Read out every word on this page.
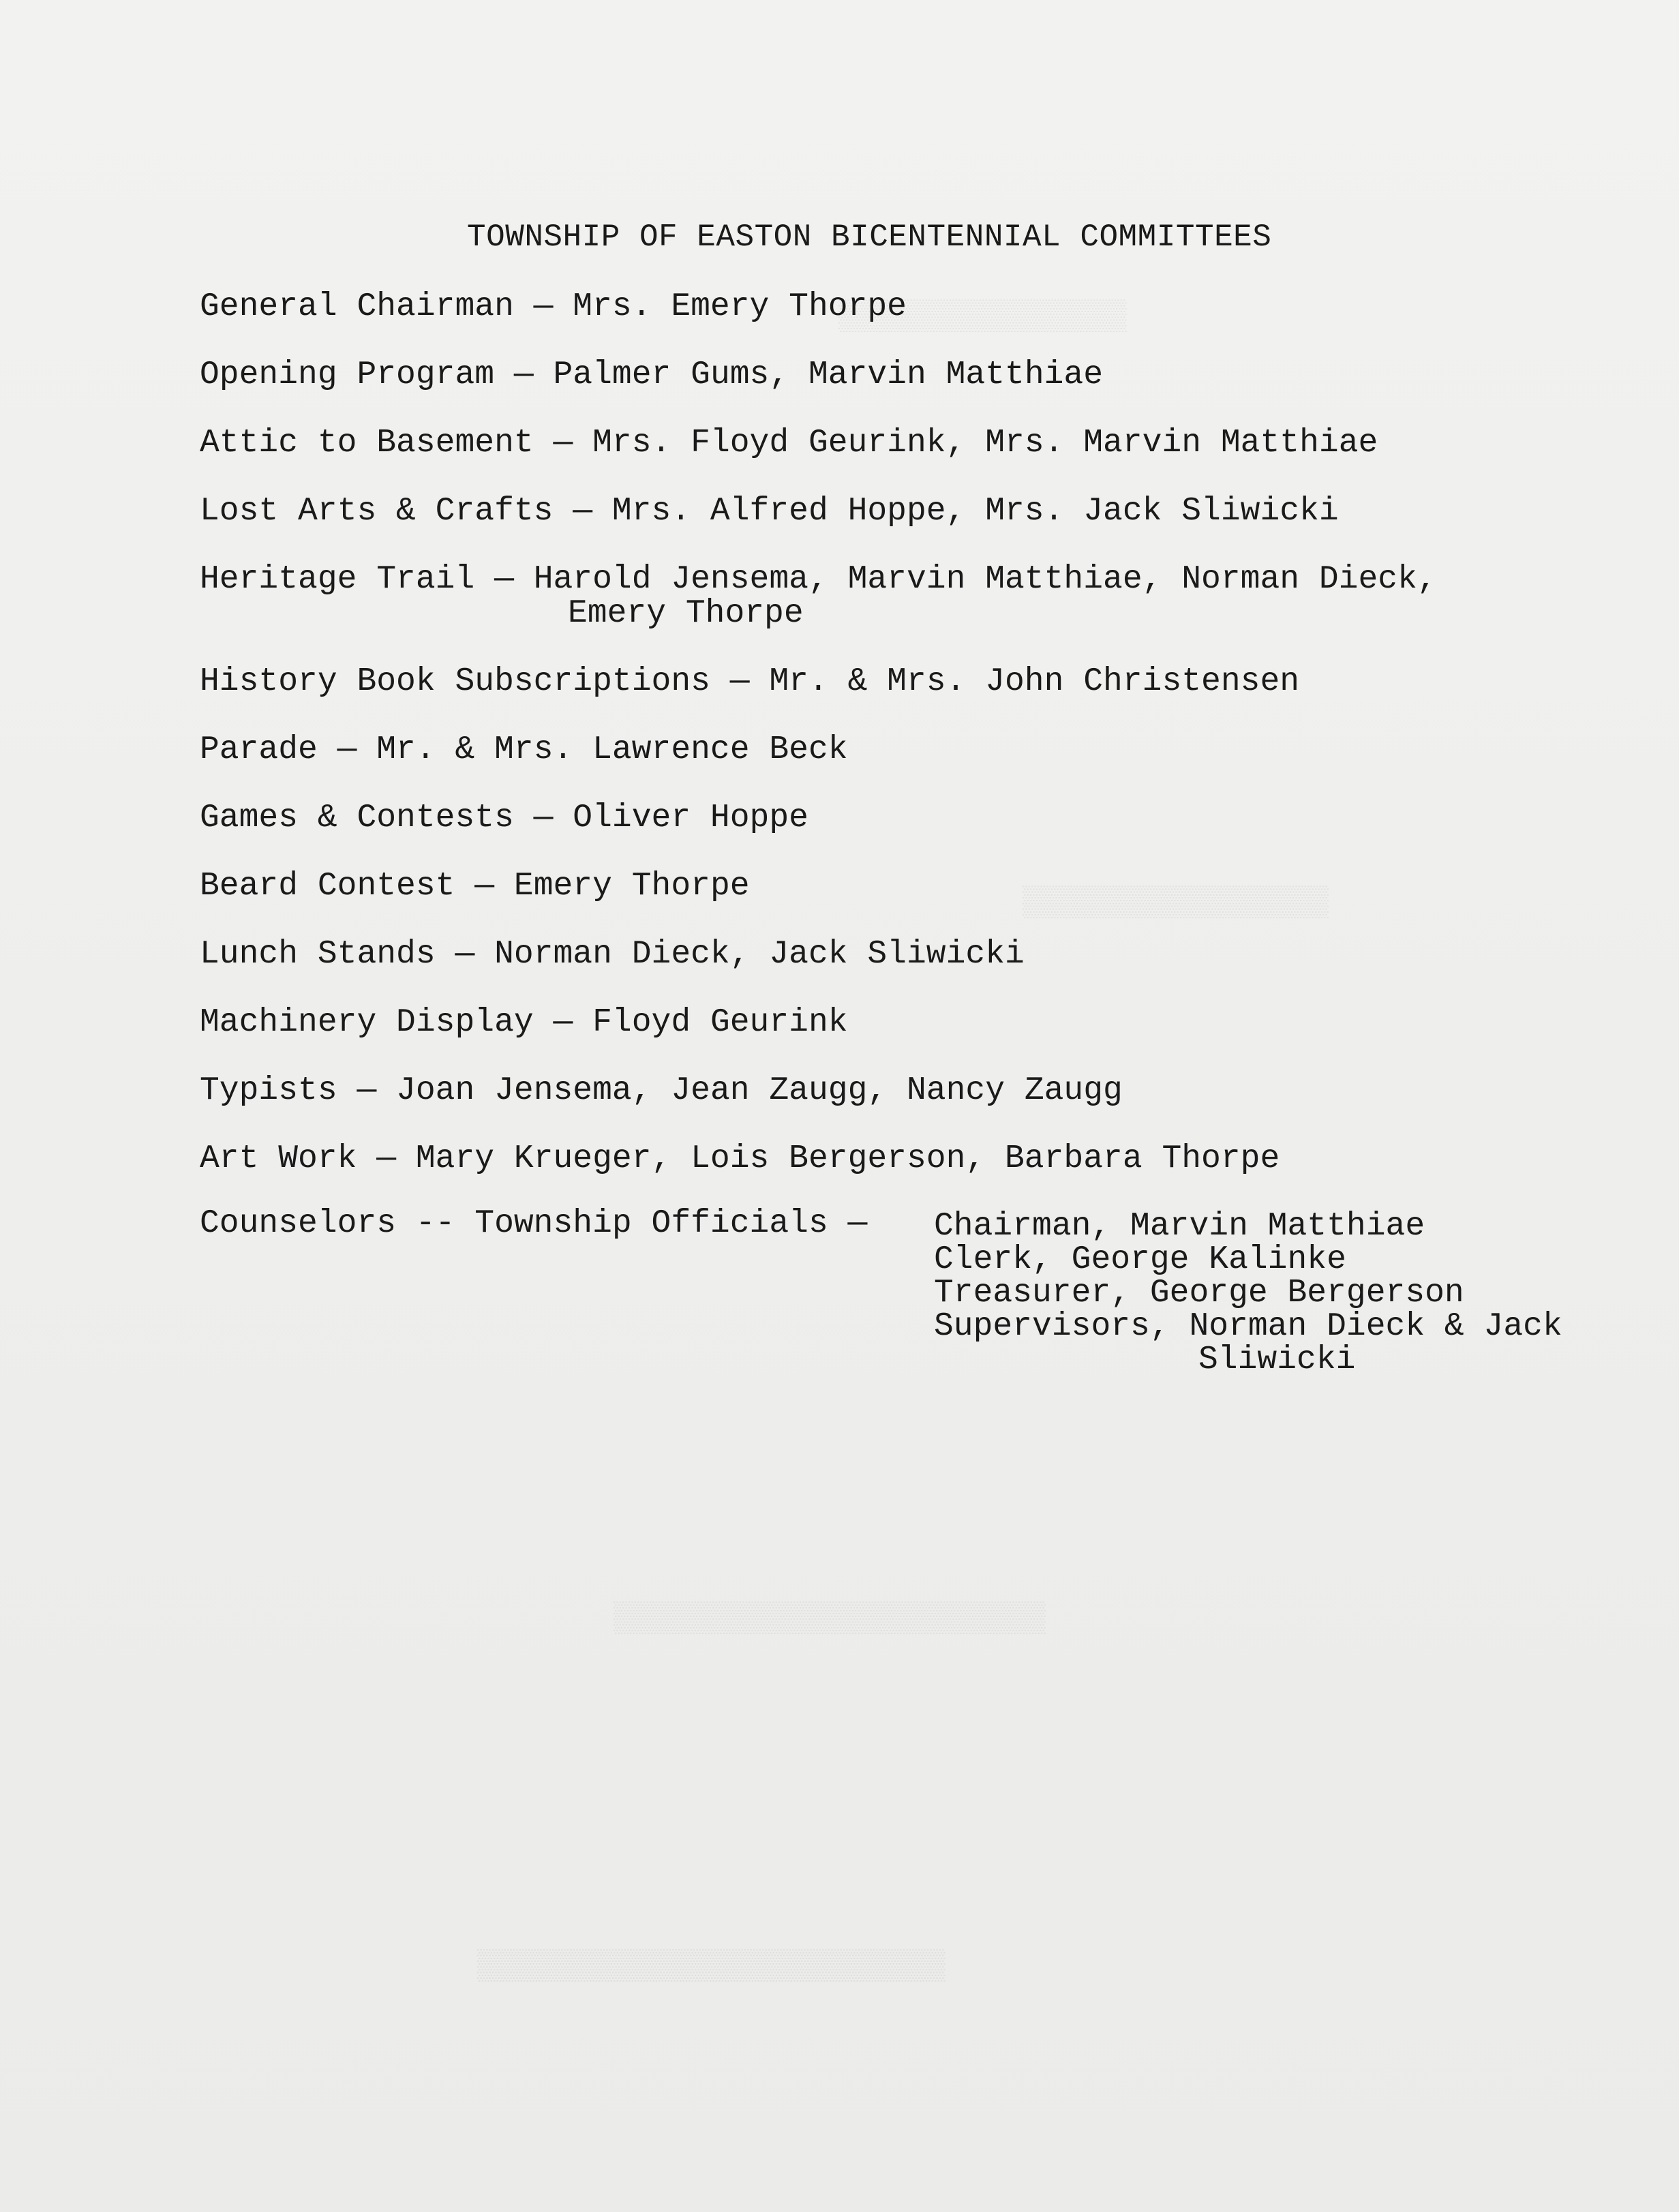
▒▒▒▒▒▒▒▒▒▒▒▒▒▒▒▒
▒▒▒▒▒▒▒▒▒▒▒▒▒▒▒▒▒
▒▒▒▒▒▒▒▒▒▒▒▒▒▒▒▒▒▒▒▒▒▒▒▒
▒▒▒▒▒▒▒▒▒▒▒▒▒▒▒▒▒▒▒▒▒▒▒▒▒▒
TOWNSHIP OF EASTON BICENTENNIAL COMMITTEES
General Chairman — Mrs. Emery Thorpe
Opening Program — Palmer Gums, Marvin Matthiae
Attic to Basement — Mrs. Floyd Geurink, Mrs. Marvin Matthiae
Lost Arts & Crafts — Mrs. Alfred Hoppe, Mrs. Jack Sliwicki
Heritage Trail — Harold Jensema, Marvin Matthiae, Norman Dieck,
Emery Thorpe
History Book Subscriptions — Mr. & Mrs. John Christensen
Parade — Mr. & Mrs. Lawrence Beck
Games & Contests — Oliver Hoppe
Beard Contest — Emery Thorpe
Lunch Stands — Norman Dieck, Jack Sliwicki
Machinery Display — Floyd Geurink
Typists — Joan Jensema, Jean Zaugg, Nancy Zaugg
Art Work — Mary Krueger, Lois Bergerson, Barbara Thorpe
Counselors -- Township Officials — Chairman, Marvin Matthiae
Clerk, George Kalinke
Treasurer, George Bergerson
Supervisors, Norman Dieck & Jack
Sliwicki
